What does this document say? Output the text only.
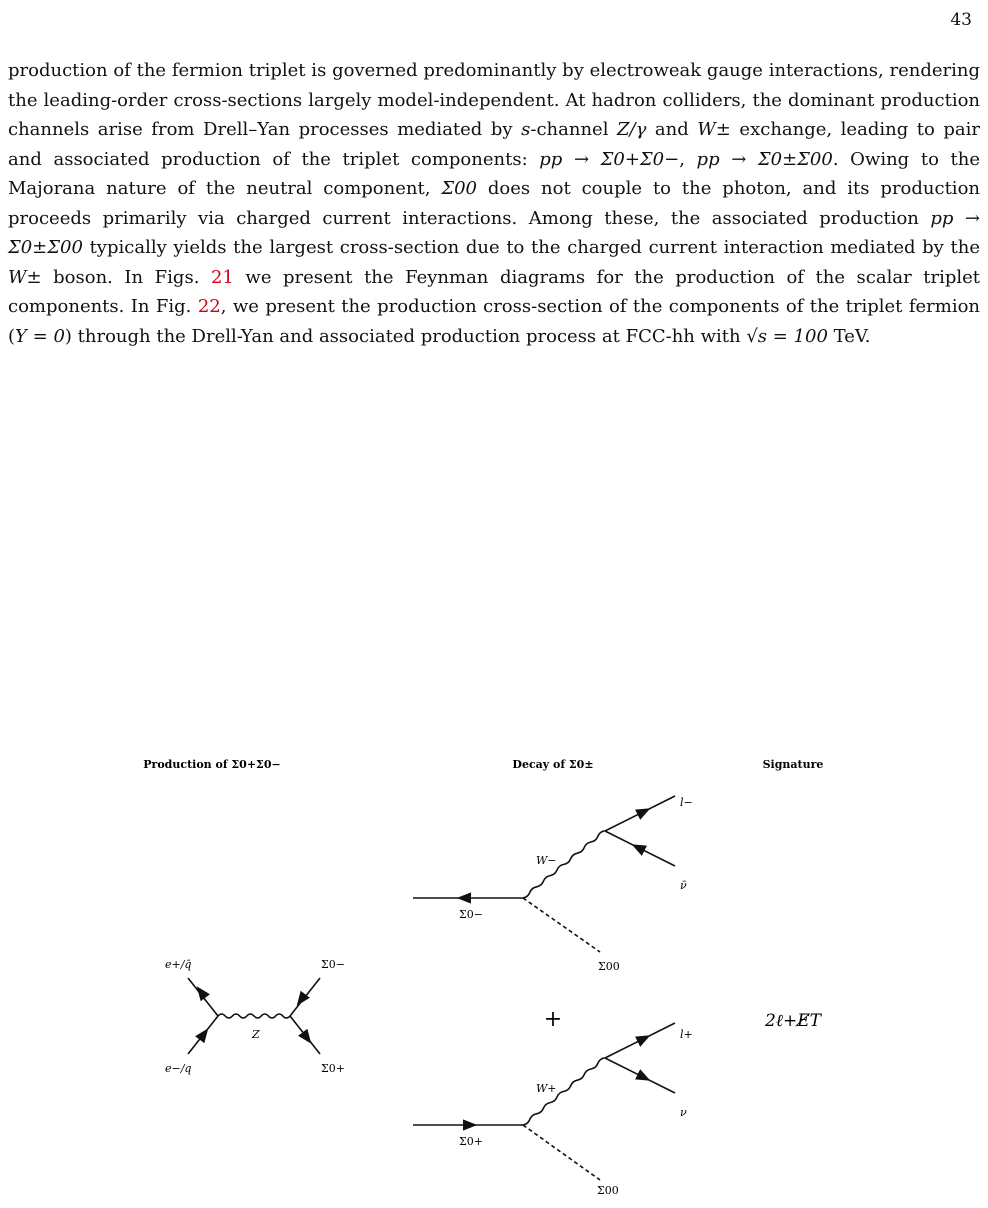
43
production of the fermion triplet is governed predominantly by electroweak gauge interactions, rendering the leading-order cross-sections largely model-independent. At hadron colliders, the dominant production channels arise from Drell–Yan processes mediated by s-channel Z/γ and W± exchange, leading to pair and associated production of the triplet components: pp → Σ0+Σ0−, pp → Σ0±Σ00. Owing to the Majorana nature of the neutral component, Σ00 does not couple to the photon, and its production proceeds primarily via charged current interactions. Among these, the associated production pp → Σ0±Σ00 typically yields the largest cross-section due to the charged current interaction mediated by the W± boson. In Figs. 21 we present the Feynman diagrams for the production of the scalar triplet components. In Fig. 22, we present the production cross-section of the components of the triplet fermion (Y = 0) through the Drell-Yan and associated production process at FCC-hh with √s = 100 TeV.
Production of Σ0+Σ0−	Decay of Σ0±	Signature
e+/q̄
e−/q
Z
Σ0−
Σ0+
Σ0−
W−
l−
ν̄
Σ00
+
Σ0+
W+
l+
ν
Σ00
2ℓ+E̸T
